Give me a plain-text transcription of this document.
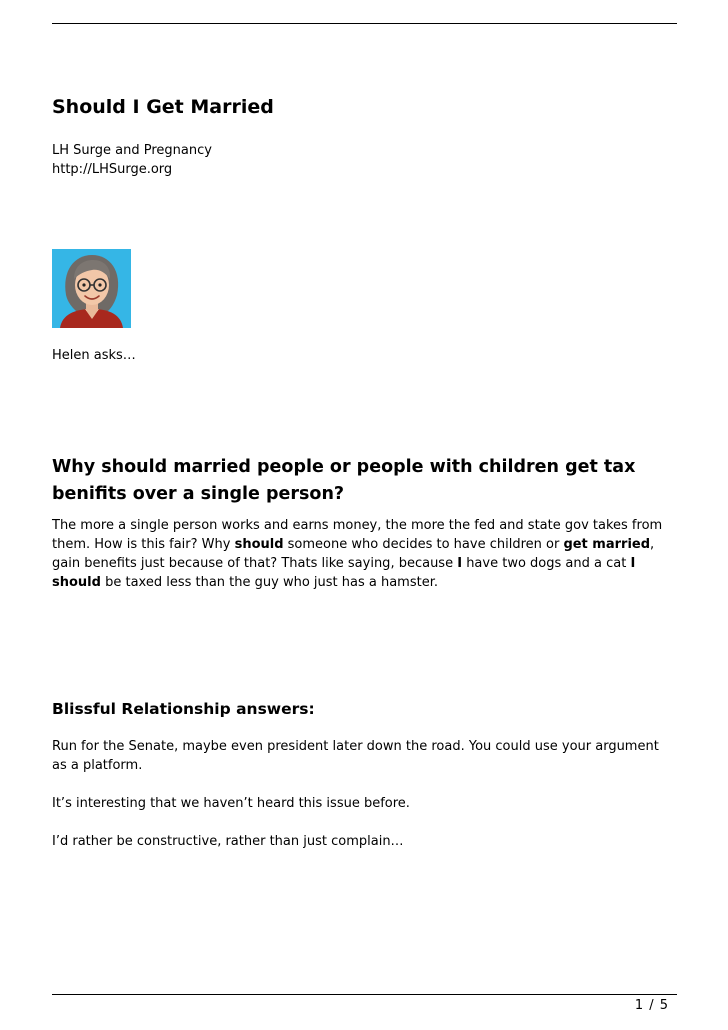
Should I Get Married
LH Surge and Pregnancy
http://LHSurge.org
Helen asks…
Why should married people or people with children get tax benifits over a single person?
The more a single person works and earns money, the more the fed and state gov takes from them. How is this fair? Why should someone who decides to have children or get married, gain benefits just because of that? Thats like saying, because I have two dogs and a cat I should be taxed less than the guy who just has a hamster.
Blissful Relationship answers:

Run for the Senate, maybe even president later down the road. You could use your argument as a platform.

It’s interesting that we haven’t heard this issue before.

I’d rather be constructive, rather than just complain…

1 / 5
